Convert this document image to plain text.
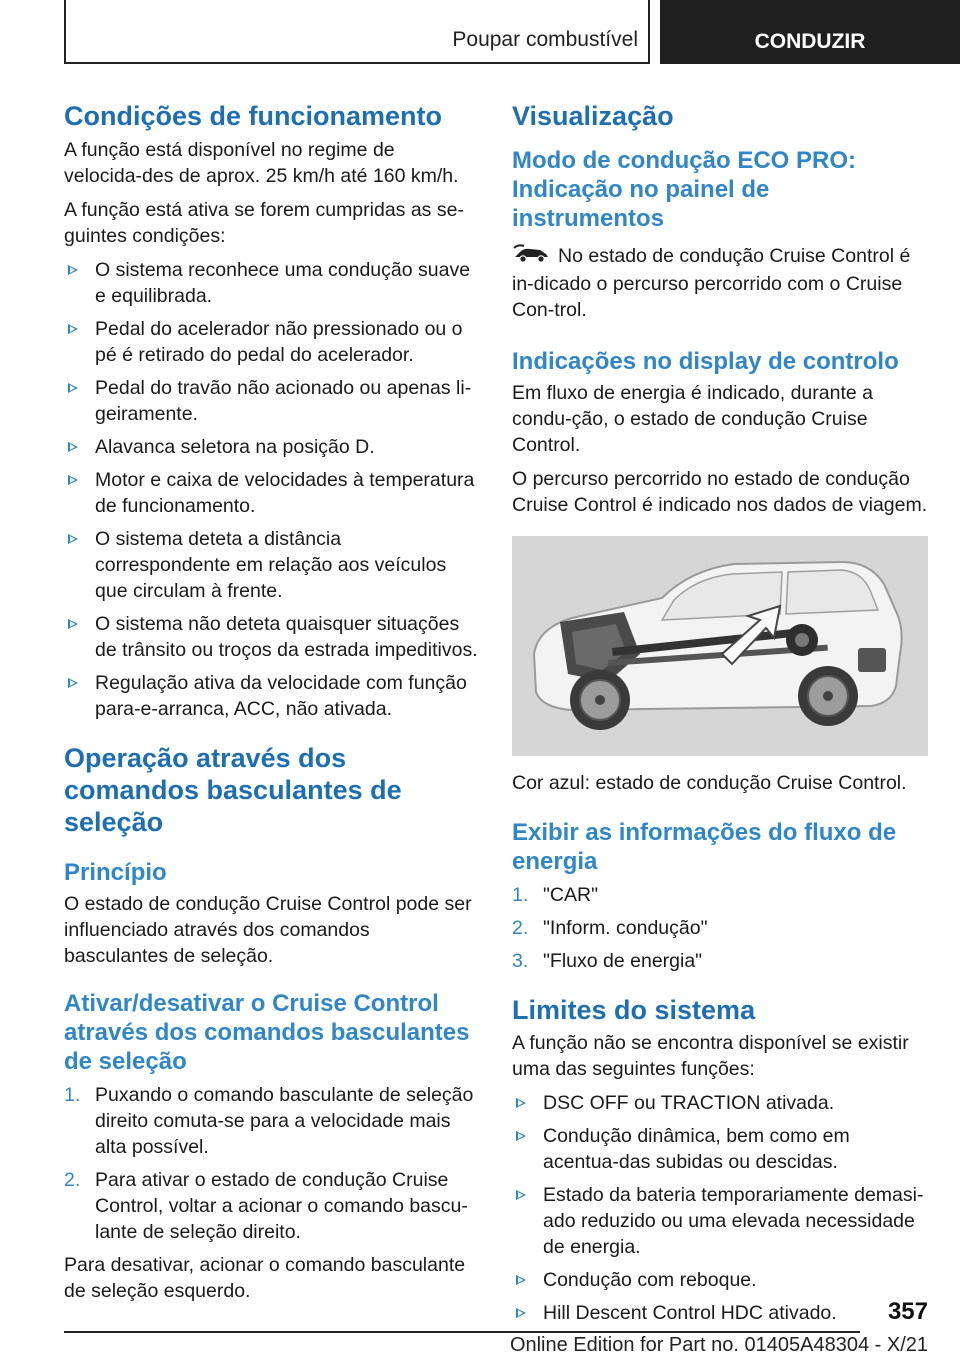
Poupar combustível	CONDUZIR
Condições de funcionamento

A função está disponível no regime de velocida-des de aprox. 25 km/h até 160 km/h.

A função está ativa se forem cumpridas as se-guintes condições:

O sistema reconhece uma condução suave e equilibrada.
Pedal do acelerador não pressionado ou o pé é retirado do pedal do acelerador.
Pedal do travão não acionado ou apenas li-geiramente.
Alavanca seletora na posição D.
Motor e caixa de velocidades à temperatura de funcionamento.
O sistema deteta a distância correspondente em relação aos veículos que circulam à frente.
O sistema não deteta quaisquer situações de trânsito ou troços da estrada impeditivos.
Regulação ativa da velocidade com função para-e-arranca, ACC, não ativada.
Operação através dos comandos basculantes de seleção
Princípio

O estado de condução Cruise Control pode ser influenciado através dos comandos basculantes de seleção.

Ativar/desativar o Cruise Control através dos comandos basculantes de seleção
1. Puxando o comando basculante de seleção direito comuta-se para a velocidade mais alta possível.
2. Para ativar o estado de condução Cruise Control, voltar a acionar o comando bascu-lante de seleção direito.

Para desativar, acionar o comando basculante de seleção esquerdo.

Visualização
Modo de condução ECO PRO: Indicação no painel de instrumentos

No estado de condução Cruise Control é in-dicado o percurso percorrido com o Cruise Con-trol.

Indicações no display de controlo

Em fluxo de energia é indicado, durante a condu-ção, o estado de condução Cruise Control.

O percurso percorrido no estado de condução Cruise Control é indicado nos dados de viagem.

Cor azul: estado de condução Cruise Control.

Exibir as informações do fluxo de energia
1. "CAR"
2. "Inform. condução"
3. "Fluxo de energia"
Limites do sistema

A função não se encontra disponível se existir uma das seguintes funções:

DSC OFF ou TRACTION ativada.
Condução dinâmica, bem como em acentua-das subidas ou descidas.
Estado da bateria temporariamente demasi-ado reduzido ou uma elevada necessidade de energia.
Condução com reboque.
Hill Descent Control HDC ativado.	357
Online Edition for Part no. 01405A48304 - X/21
